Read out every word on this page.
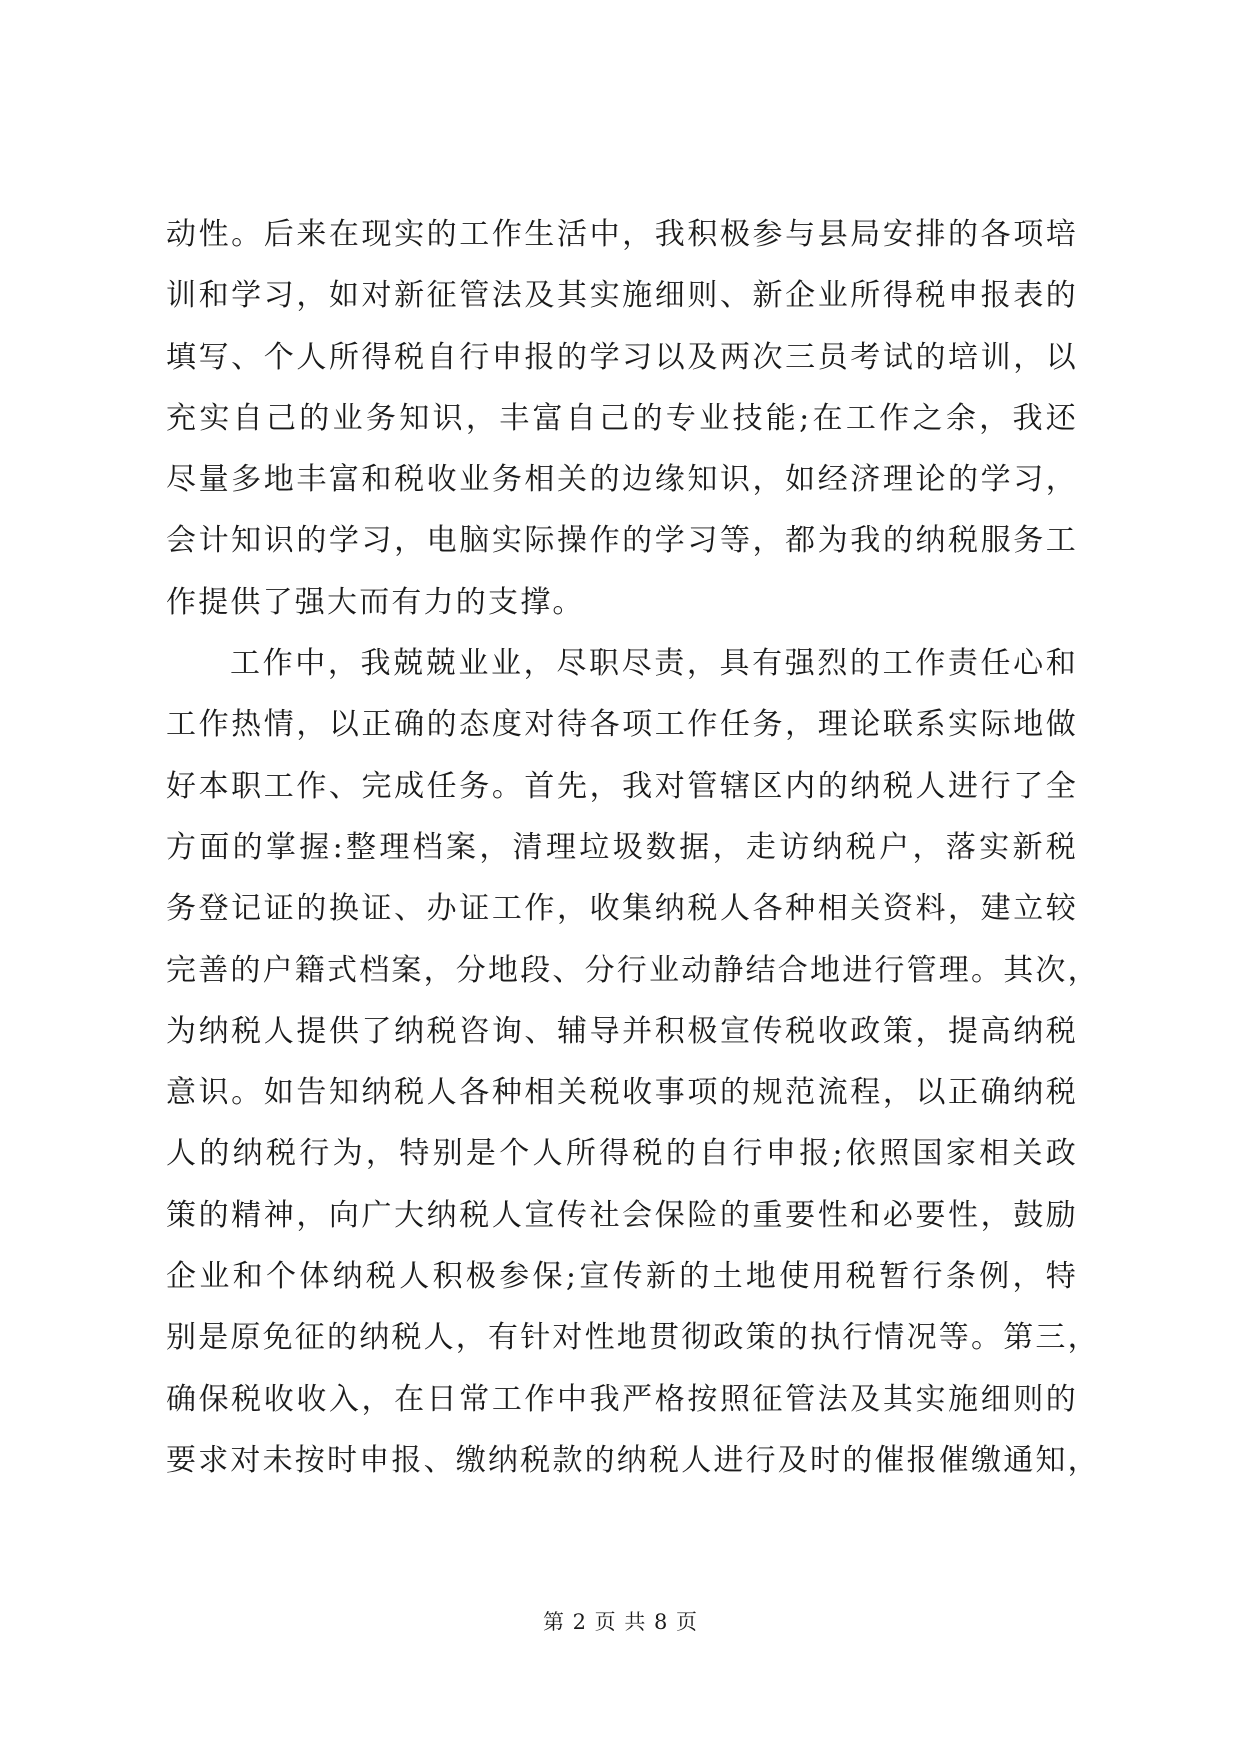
动性。后来在现实的工作生活中，我积极参与县局安排的各项培
训和学习，如对新征管法及其实施细则、新企业所得税申报表的
填写、个人所得税自行申报的学习以及两次三员考试的培训，以
充实自己的业务知识，丰富自己的专业技能;在工作之余，我还
尽量多地丰富和税收业务相关的边缘知识，如经济理论的学习，
会计知识的学习，电脑实际操作的学习等，都为我的纳税服务工
作提供了强大而有力的支撑。
工作中，我兢兢业业，尽职尽责，具有强烈的工作责任心和
工作热情，以正确的态度对待各项工作任务，理论联系实际地做
好本职工作、完成任务。首先，我对管辖区内的纳税人进行了全
方面的掌握:整理档案，清理垃圾数据，走访纳税户，落实新税
务登记证的换证、办证工作，收集纳税人各种相关资料，建立较
完善的户籍式档案，分地段、分行业动静结合地进行管理。其次，
为纳税人提供了纳税咨询、辅导并积极宣传税收政策，提高纳税
意识。如告知纳税人各种相关税收事项的规范流程，以正确纳税
人的纳税行为，特别是个人所得税的自行申报;依照国家相关政
策的精神，向广大纳税人宣传社会保险的重要性和必要性，鼓励
企业和个体纳税人积极参保;宣传新的土地使用税暂行条例，特
别是原免征的纳税人，有针对性地贯彻政策的执行情况等。第三，
确保税收收入，在日常工作中我严格按照征管法及其实施细则的
要求对未按时申报、缴纳税款的纳税人进行及时的催报催缴通知，
第 2 页 共 8 页
